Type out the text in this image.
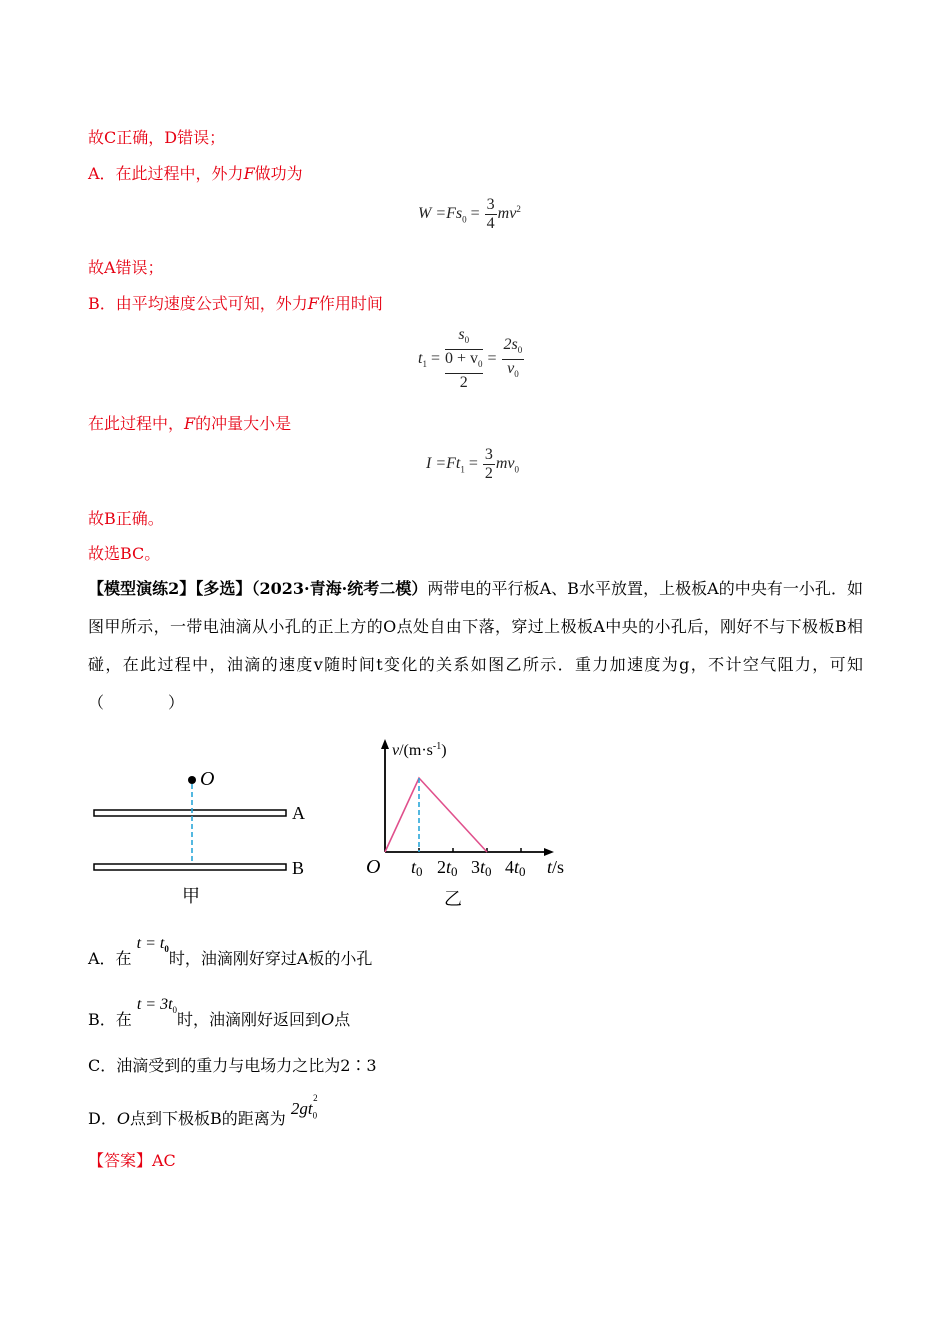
故C正确，D错误；
A．在此过程中，外力F做功为
$W =Fs_0 = \frac{3}{4} mv^2$
故A错误；
B．由平均速度公式可知，外力F作用时间
$t_1$ =
$s_0$
$0 + v_0$
2
= $\frac{2s_0}{v_0}$
在此过程中，F的冲量大小是
$I =Ft_1 = \frac{3}{2} mv_0$
故B正确。
故选BC。
【模型演练2】【多选】（2023·青海·统考二模）两带电的平行板A、B水平放置，上极板A的中央有一小孔．如图甲所示，一带电油滴从小孔的正上方的O点处自由下落，穿过上极板A中央的小孔后，刚好不与下极板B相碰，在此过程中，油滴的速度v随时间t变化的关系如图乙所示．重力加速度为g，不计空气阻力，可知（　　　　）
O
A
B
甲
$v/(m\cdot s^{-1})$
t0 2t0 3t0 4t0
O	t/s
乙
A．在 $t = t_0$时，油滴刚好穿过A板的小孔
B．在 $t = 3t_0$时，油滴刚好返回到O点
C．油滴受到的重力与电场力之比为2∶3
D．O点到下极板B的距离为 $2gt_0^2$
【答案】AC
